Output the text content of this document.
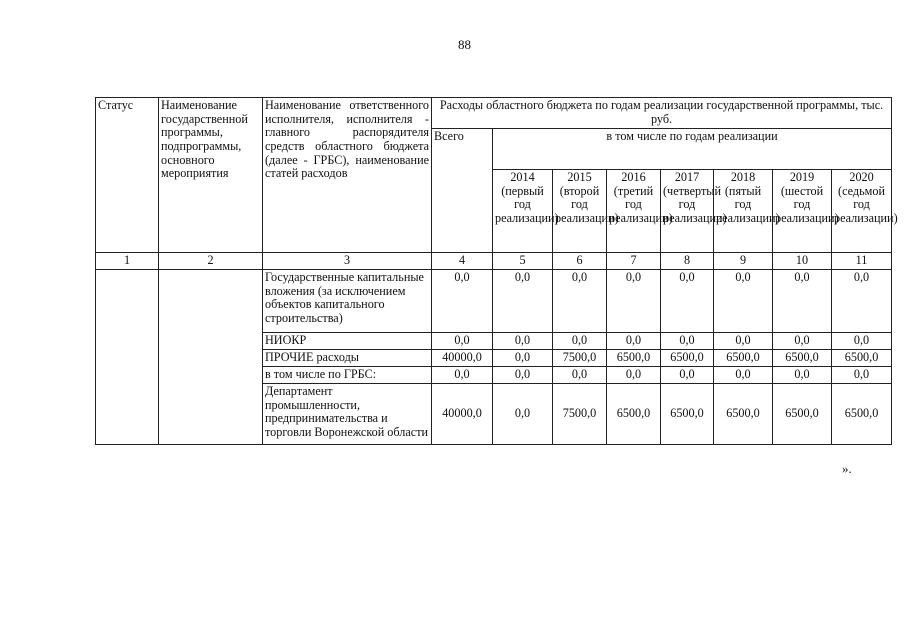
88
Статус	Наименование государственной программы, подпрограммы, основного мероприятия	Наименование ответственного исполнителя, исполнителя - главного распорядителя средств областного бюджета (далее - ГРБС), наименование статей расходов	Расходы областного бюджета по годам реализации государственной программы, тыс. руб.							
			Всего	в том числе по годам реализации						
				2014 (первый год реализации)	2015 (второй год реализации)	2016 (третий год реализации)	2017 (четвертый год реализации)	2018 (пятый год реализации)	2019 (шестой год реализации)	2020 (седьмой год реализации)
1	2	3	4	5	6	7	8	9	10	11
		Государственные капитальные вложения (за исключением объектов капитального строительства)	0,0	0,0	0,0	0,0	0,0	0,0	0,0	0,0
		НИОКР	0,0	0,0	0,0	0,0	0,0	0,0	0,0	0,0
		ПРОЧИЕ расходы	40000,0	0,0	7500,0	6500,0	6500,0	6500,0	6500,0	6500,0
		в том числе по ГРБС:	0,0	0,0	0,0	0,0	0,0	0,0	0,0	0,0
		Департамент промышленности, предпринимательства и торговли Воронежской области	40000,0	0,0	7500,0	6500,0	6500,0	6500,0	6500,0	6500,0
».
